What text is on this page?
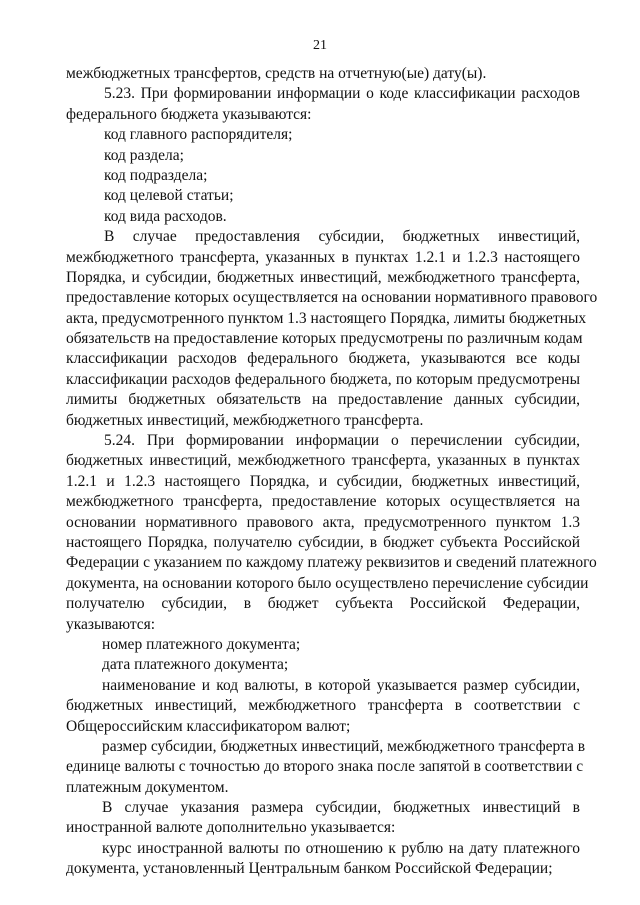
21
межбюджетных трансфертов, средств на отчетную(ые) дату(ы).
5.23. При формировании информации о коде классификации расходов
федерального бюджета указываются:
код главного распорядителя;
код раздела;
код подраздела;
код целевой статьи;
код вида расходов.
В случае предоставления субсидии, бюджетных инвестиций,
межбюджетного трансферта, указанных в пунктах 1.2.1 и 1.2.3 настоящего
Порядка, и субсидии, бюджетных инвестиций, межбюджетного трансферта,
предоставление которых осуществляется на основании нормативного правового
акта, предусмотренного пунктом 1.3 настоящего Порядка, лимиты бюджетных
обязательств на предоставление которых предусмотрены по различным кодам
классификации расходов федерального бюджета, указываются все коды
классификации расходов федерального бюджета, по которым предусмотрены
лимиты бюджетных обязательств на предоставление данных субсидии,
бюджетных инвестиций, межбюджетного трансферта.
5.24. При формировании информации о перечислении субсидии,
бюджетных инвестиций, межбюджетного трансферта, указанных в пунктах
1.2.1 и 1.2.3 настоящего Порядка, и субсидии, бюджетных инвестиций,
межбюджетного трансферта, предоставление которых осуществляется на
основании нормативного правового акта, предусмотренного пунктом 1.3
настоящего Порядка, получателю субсидии, в бюджет субъекта Российской
Федерации с указанием по каждому платежу реквизитов и сведений платежного
документа, на основании которого было осуществлено перечисление субсидии
получателю субсидии, в бюджет субъекта Российской Федерации,
указываются:
номер платежного документа;
дата платежного документа;
наименование и код валюты, в которой указывается размер субсидии,
бюджетных инвестиций, межбюджетного трансферта в соответствии с
Общероссийским классификатором валют;
размер субсидии, бюджетных инвестиций, межбюджетного трансферта в
единице валюты с точностью до второго знака после запятой в соответствии с
платежным документом.
В случае указания размера субсидии, бюджетных инвестиций в
иностранной валюте дополнительно указывается:
курс иностранной валюты по отношению к рублю на дату платежного
документа, установленный Центральным банком Российской Федерации;
